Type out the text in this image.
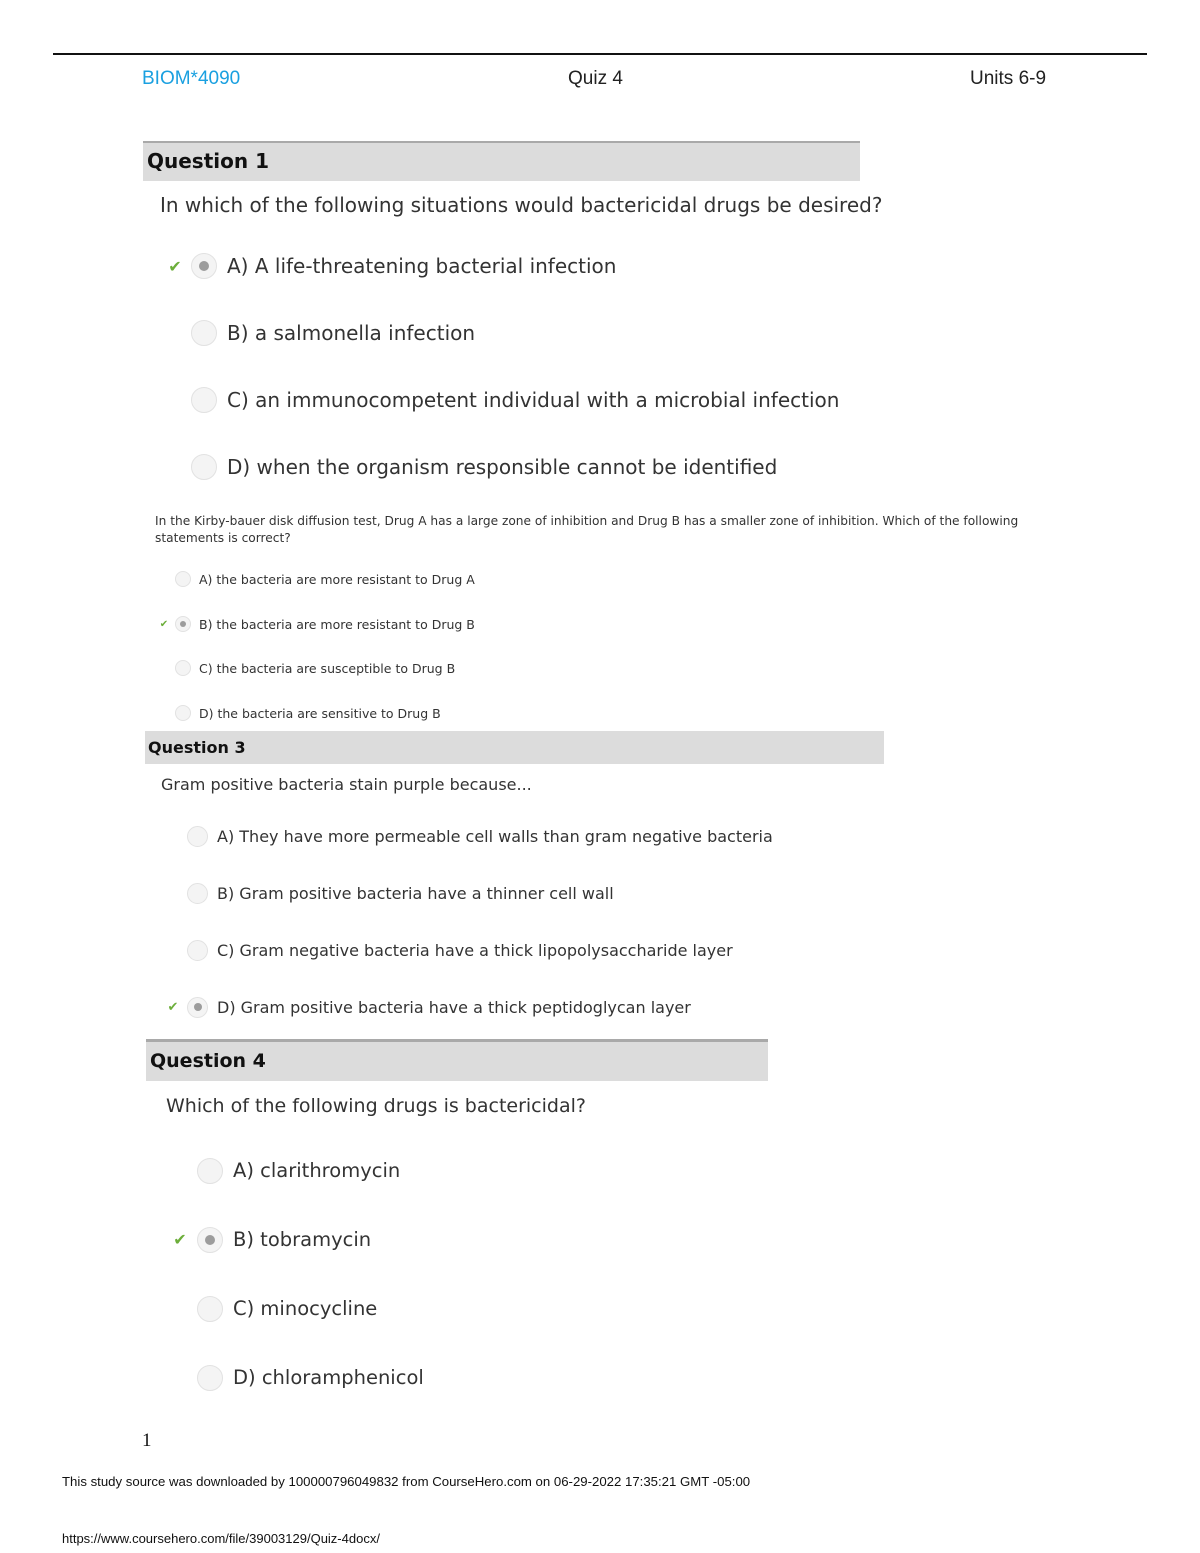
BIOM*4090	Quiz 4	Units 6-9
Question 1
In which of the following situations would bactericidal drugs be desired?
✔ A) A life-threatening bacterial infection
B) a salmonella infection
C) an immunocompetent individual with a microbial infection
D) when the organism responsible cannot be identified
In the Kirby-bauer disk diffusion test, Drug A has a large zone of inhibition and Drug B has a smaller zone of inhibition. Which of the following
statements is correct?
A) the bacteria are more resistant to Drug A
✔ B) the bacteria are more resistant to Drug B
C) the bacteria are susceptible to Drug B
D) the bacteria are sensitive to Drug B
Question 3
Gram positive bacteria stain purple because...
A) They have more permeable cell walls than gram negative bacteria
B) Gram positive bacteria have a thinner cell wall
C) Gram negative bacteria have a thick lipopolysaccharide layer
✔ D) Gram positive bacteria have a thick peptidoglycan layer
Question 4
Which of the following drugs is bactericidal?
A) clarithromycin
✔ B) tobramycin
C) minocycline
D) chloramphenicol
1
This study source was downloaded by 100000796049832 from CourseHero.com on 06-29-2022 17:35:21 GMT -05:00
https://www.coursehero.com/file/39003129/Quiz-4docx/
